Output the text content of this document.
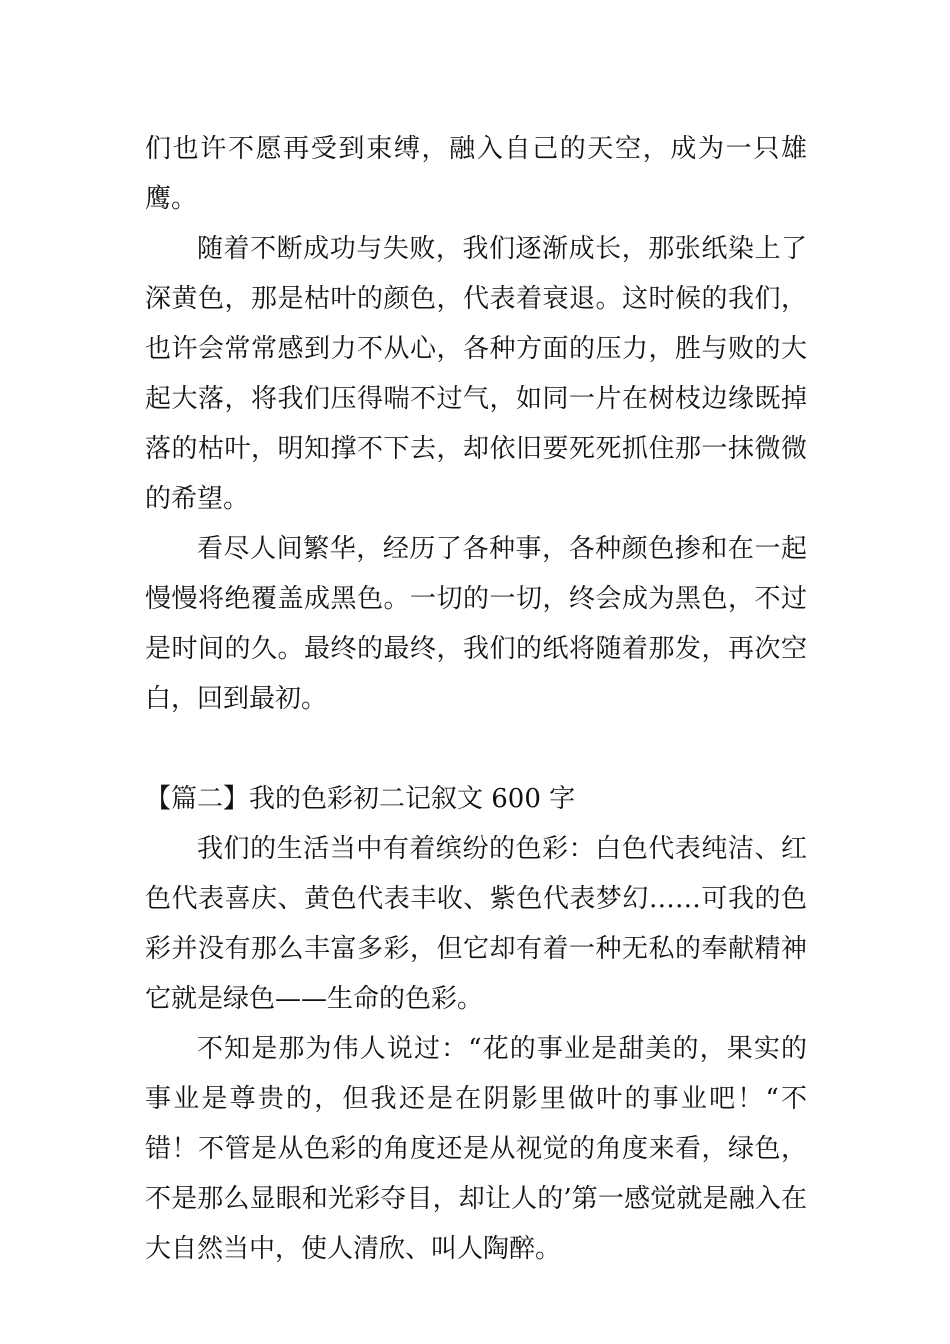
们也许不愿再受到束缚，融入自己的天空，成为一只雄鹰。

随着不断成功与失败，我们逐渐成长，那张纸染上了深黄色，那是枯叶的颜色，代表着衰退。这时候的我们，也许会常常感到力不从心，各种方面的压力，胜与败的大起大落，将我们压得喘不过气，如同一片在树枝边缘既掉落的枯叶，明知撑不下去，却依旧要死死抓住那一抹微微的希望。

看尽人间繁华，经历了各种事，各种颜色掺和在一起慢慢将绝覆盖成黑色。一切的一切，终会成为黑色，不过是时间的久。最终的最终，我们的纸将随着那发，再次空白，回到最初。

【篇二】我的色彩初二记叙文 600 字

我们的生活当中有着缤纷的色彩：白色代表纯洁、红色代表喜庆、黄色代表丰收、紫色代表梦幻……可我的色彩并没有那么丰富多彩，但它却有着一种无私的奉献精神它就是绿色——生命的色彩。

不知是那为伟人说过：“花的事业是甜美的，果实的事业是尊贵的，但我还是在阴影里做叶的事业吧！“不错！不管是从色彩的角度还是从视觉的角度来看，绿色，不是那么显眼和光彩夺目，却让人的’第一感觉就是融入在大自然当中，使人清欣、叫人陶醉。
